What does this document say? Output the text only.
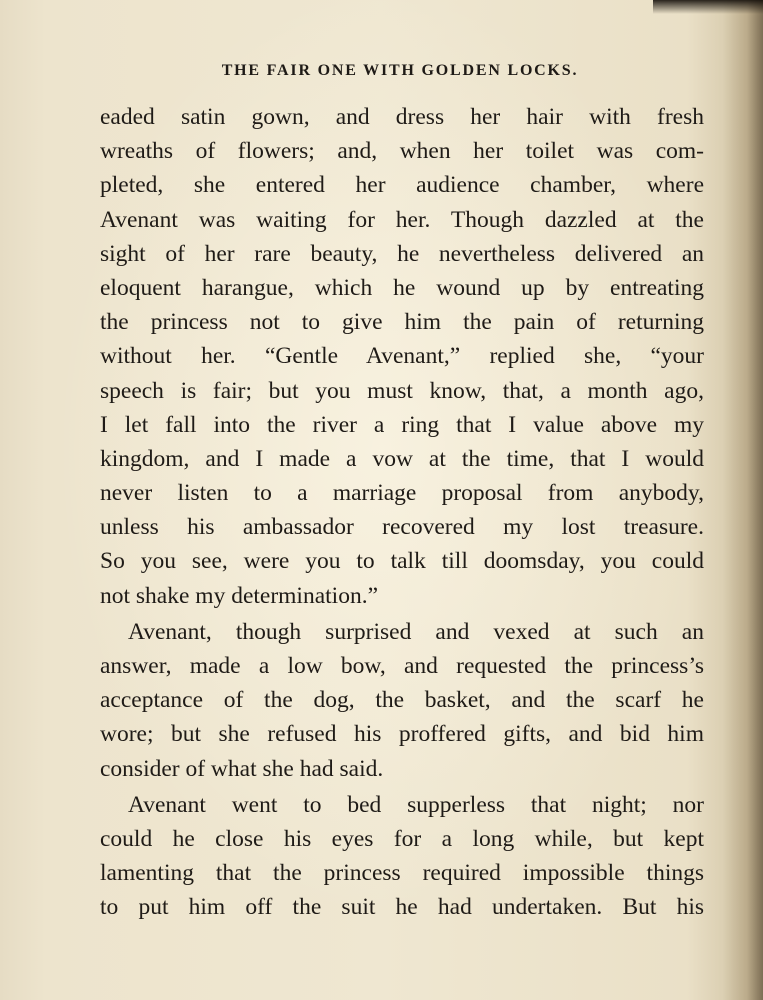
THE FAIR ONE WITH GOLDEN LOCKS.
eaded satin gown, and dress her hair with fresh
wreaths of flowers; and, when her toilet was com-
pleted, she entered her audience chamber, where
Avenant was waiting for her. Though dazzled at the
sight of her rare beauty, he nevertheless delivered an
eloquent harangue, which he wound up by entreating
the princess not to give him the pain of returning
without her. “Gentle Avenant,” replied she, “your
speech is fair; but you must know, that, a month ago,
I let fall into the river a ring that I value above my
kingdom, and I made a vow at the time, that I would
never listen to a marriage proposal from anybody,
unless his ambassador recovered my lost treasure.
So you see, were you to talk till doomsday, you could
not shake my determination.”
Avenant, though surprised and vexed at such an
answer, made a low bow, and requested the princess’s
acceptance of the dog, the basket, and the scarf he
wore; but she refused his proffered gifts, and bid him
consider of what she had said.
Avenant went to bed supperless that night; nor
could he close his eyes for a long while, but kept
lamenting that the princess required impossible things
to put him off the suit he had undertaken. But his
